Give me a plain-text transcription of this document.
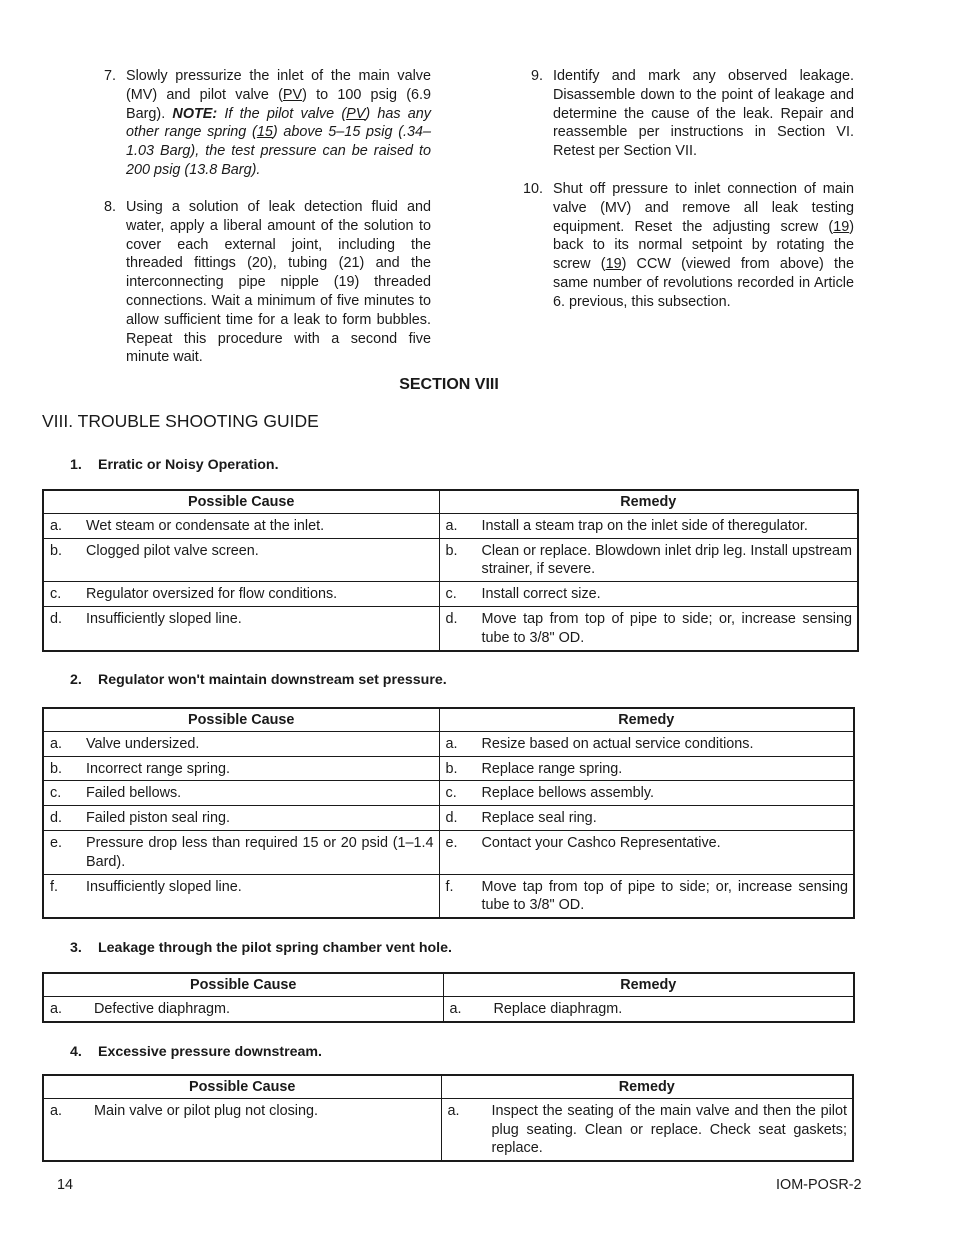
7. Slowly pressurize the inlet of the main valve (MV) and pilot valve (PV) to 100 psig (6.9 Barg). NOTE: If the pilot valve (PV) has any other range spring (15) above 5–15 psig (.34–1.03 Barg), the test pressure can be raised to 200 psig (13.8 Barg).
8. Using a solution of leak detection fluid and water, apply a liberal amount of the solution to cover each external joint, including the threaded fittings (20), tubing (21) and the interconnecting pipe nipple (19) threaded connections. Wait a minimum of five minutes to allow sufficient time for a leak to form bubbles. Repeat this procedure with a second five minute wait.
9. Identify and mark any observed leakage. Disassemble down to the point of leakage and determine the cause of the leak. Repair and reassemble per instructions in Section VI. Retest per Section VII.
10. Shut off pressure to inlet connection of main valve (MV) and remove all leak testing equipment. Reset the adjusting screw (19) back to its normal setpoint by rotating the screw (19) CCW (viewed from above) the same number of revolutions recorded in Article 6. previous, this subsection.
SECTION VIII
VIII. TROUBLE SHOOTING GUIDE
1. Erratic or Noisy Operation.
Possible Cause	Remedy

a. Wet steam or condensate at the inlet.	a. Install a steam trap on the inlet side of theregulator.

b. Clogged pilot valve screen.	b. Clean or replace. Blowdown inlet drip leg. Install upstream strainer, if severe.

c. Regulator oversized for flow conditions.	c. Install correct size.

d. Insufficiently sloped line.	d. Move tap from top of pipe to side; or, increase sensing tube to 3/8" OD.
2. Regulator won't maintain downstream set pressure.
Possible Cause	Remedy

a. Valve undersized.	a. Resize based on actual service conditions.

b. Incorrect range spring.	b. Replace range spring.

c. Failed bellows.	c. Replace bellows assembly.

d. Failed piston seal ring.	d. Replace seal ring.

e. Pressure drop less than required 15 or 20 psid (1–1.4 Bard).	e. Contact your Cashco Representative.

f. Insufficiently sloped line.	f. Move tap from top of pipe to side; or, increase sensing tube to 3/8" OD.
3. Leakage through the pilot spring chamber vent hole.
Possible Cause	Remedy

a. Defective diaphragm.	a. Replace diaphragm.
4. Excessive pressure downstream.
Possible Cause	Remedy

a. Main valve or pilot plug not closing.	a. Inspect the seating of the main valve and then the pilot plug seating. Clean or replace. Check seat gaskets; replace.
14	IOM-POSR-2
